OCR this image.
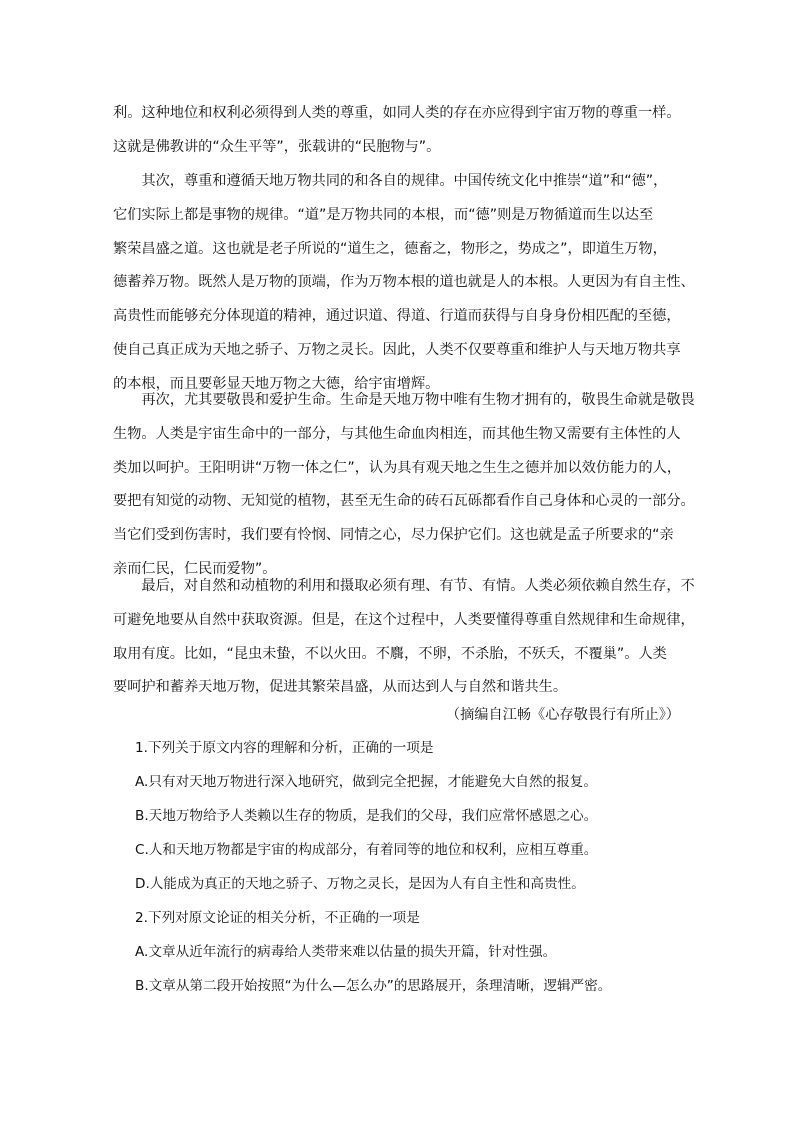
利。这种地位和权利必须得到人类的尊重，如同人类的存在亦应得到宇宙万物的尊重一样。
这就是佛教讲的“众生平等”，张载讲的“民胞物与”。
　　其次，尊重和遵循天地万物共同的和各自的规律。中国传统文化中推崇“道”和“德”，
它们实际上都是事物的规律。“道”是万物共同的本根，而“德”则是万物循道而生以达至
繁荣昌盛之道。这也就是老子所说的“道生之，德畜之，物形之，势成之”，即道生万物，
德蓄养万物。既然人是万物的顶端，作为万物本根的道也就是人的本根。人更因为有自主性、
高贵性而能够充分体现道的精神，通过识道、得道、行道而获得与自身身份相匹配的至德，
使自己真正成为天地之骄子、万物之灵长。因此，人类不仅要尊重和维护人与天地万物共享
的本根，而且要彰显天地万物之大德，给宇宙增辉。
　　再次，尤其要敬畏和爱护生命。生命是天地万物中唯有生物才拥有的，敬畏生命就是敬畏
生物。人类是宇宙生命中的一部分，与其他生命血肉相连，而其他生物又需要有主体性的人
类加以呵护。王阳明讲“万物一体之仁”，认为具有观天地之生生之德并加以效仿能力的人，
要把有知觉的动物、无知觉的植物，甚至无生命的砖石瓦砾都看作自己身体和心灵的一部分。
当它们受到伤害时，我们要有怜悯、同情之心，尽力保护它们。这也就是孟子所要求的“亲
亲而仁民，仁民而爱物”。
　　最后，对自然和动植物的利用和摄取必须有理、有节、有情。人类必须依赖自然生存，不
可避免地要从自然中获取资源。但是，在这个过程中，人类要懂得尊重自然规律和生命规律，
取用有度。比如，“昆虫未蛰，不以火田。不麛，不卵，不杀胎，不殀夭，不覆巢”。人类
要呵护和蓄养天地万物，促进其繁荣昌盛，从而达到人与自然和谐共生。

（摘编自江畅《心存敬畏行有所止》）

1.下列关于原文内容的理解和分析，正确的一项是

A.只有对天地万物进行深入地研究，做到完全把握，才能避免大自然的报复。

B.天地万物给予人类赖以生存的物质，是我们的父母，我们应常怀感恩之心。

C.人和天地万物都是宇宙的构成部分，有着同等的地位和权利，应相互尊重。

D.人能成为真正的天地之骄子、万物之灵长，是因为人有自主性和高贵性。

2.下列对原文论证的相关分析，不正确的一项是

A.文章从近年流行的病毒给人类带来难以估量的损失开篇，针对性强。

B.文章从第二段开始按照“为什么—怎么办”的思路展开，条理清晰，逻辑严密。
